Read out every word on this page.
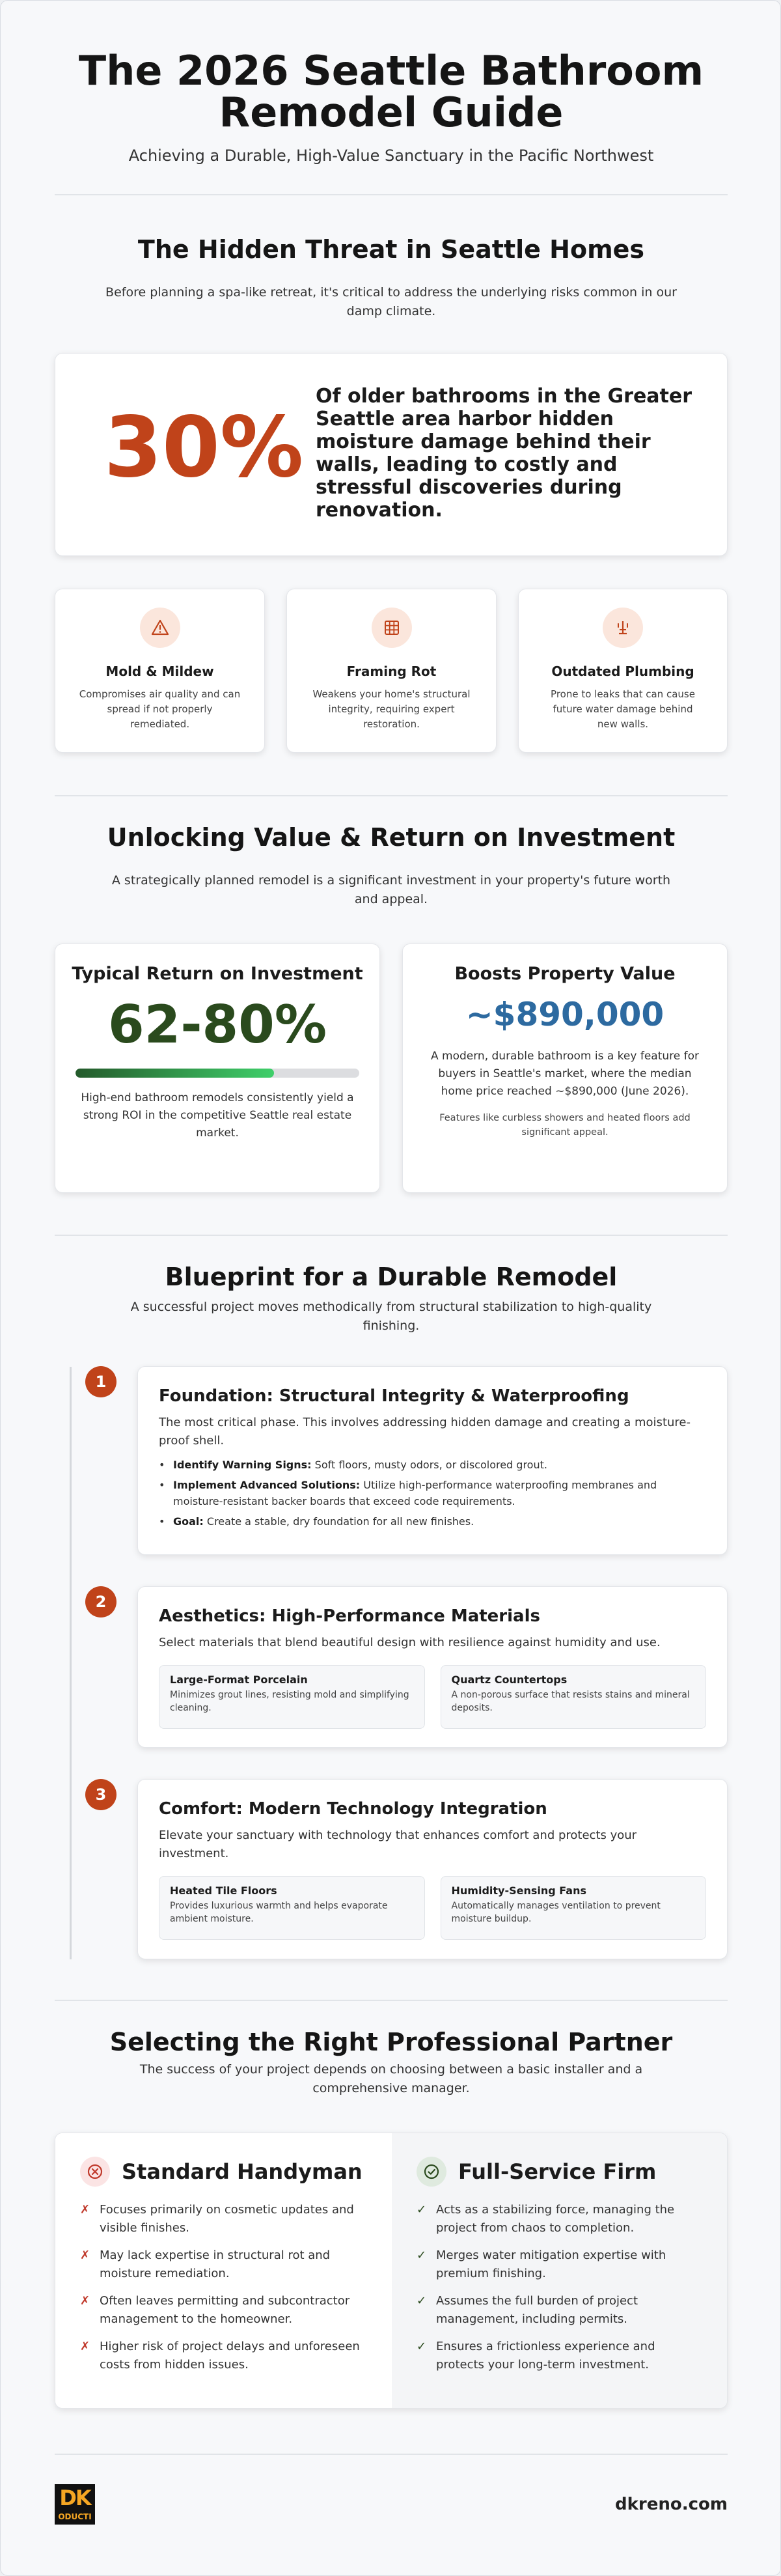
The 2026 Seattle Bathroom
Remodel Guide
Achieving a Durable, High-Value Sanctuary in the Pacific Northwest
The Hidden Threat in Seattle Homes
Before planning a spa-like retreat, it's critical to address the underlying risks common in our damp climate.
30%
Of older bathrooms in the Greater Seattle area harbor hidden moisture damage behind their walls, leading to costly and stressful discoveries during renovation.
Mold & Mildew
Compromises air quality and can spread if not properly remediated.
Framing Rot
Weakens your home's structural integrity, requiring expert restoration.
Outdated Plumbing
Prone to leaks that can cause future water damage behind new walls.
Unlocking Value & Return on Investment
A strategically planned remodel is a significant investment in your property's future worth and appeal.
Typical Return on Investment
62-80%
High-end bathroom remodels consistently yield a strong ROI in the competitive Seattle real estate market.
Boosts Property Value
~$890,000
A modern, durable bathroom is a key feature for buyers in Seattle's market, where the median home price reached ~$890,000 (June 2026).
Features like curbless showers and heated floors add significant appeal.
Blueprint for a Durable Remodel
A successful project moves methodically from structural stabilization to high-quality finishing.
1
Foundation: Structural Integrity & Waterproofing
The most critical phase. This involves addressing hidden damage and creating a moisture-proof shell.
• Identify Warning Signs: Soft floors, musty odors, or discolored grout.
• Implement Advanced Solutions: Utilize high-performance waterproofing membranes and moisture-resistant backer boards that exceed code requirements.
• Goal: Create a stable, dry foundation for all new finishes.
2
Aesthetics: High-Performance Materials
Select materials that blend beautiful design with resilience against humidity and use.
Large-Format Porcelain
Minimizes grout lines, resisting mold and simplifying cleaning.
Quartz Countertops
A non-porous surface that resists stains and mineral deposits.
3
Comfort: Modern Technology Integration
Elevate your sanctuary with technology that enhances comfort and protects your investment.
Heated Tile Floors
Provides luxurious warmth and helps evaporate ambient moisture.
Humidity-Sensing Fans
Automatically manages ventilation to prevent moisture buildup.
Selecting the Right Professional Partner
The success of your project depends on choosing between a basic installer and a comprehensive manager.
Standard Handyman
✗ Focuses primarily on cosmetic updates and visible finishes.
✗ May lack expertise in structural rot and moisture remediation.
✗ Often leaves permitting and subcontractor management to the homeowner.
✗ Higher risk of project delays and unforeseen costs from hidden issues.
Full-Service Firm
✓ Acts as a stabilizing force, managing the project from chaos to completion.
✓ Merges water mitigation expertise with premium finishing.
✓ Assumes the full burden of project management, including permits.
✓ Ensures a frictionless experience and protects your long-term investment.
DK
ODUCTI
dkreno.com
